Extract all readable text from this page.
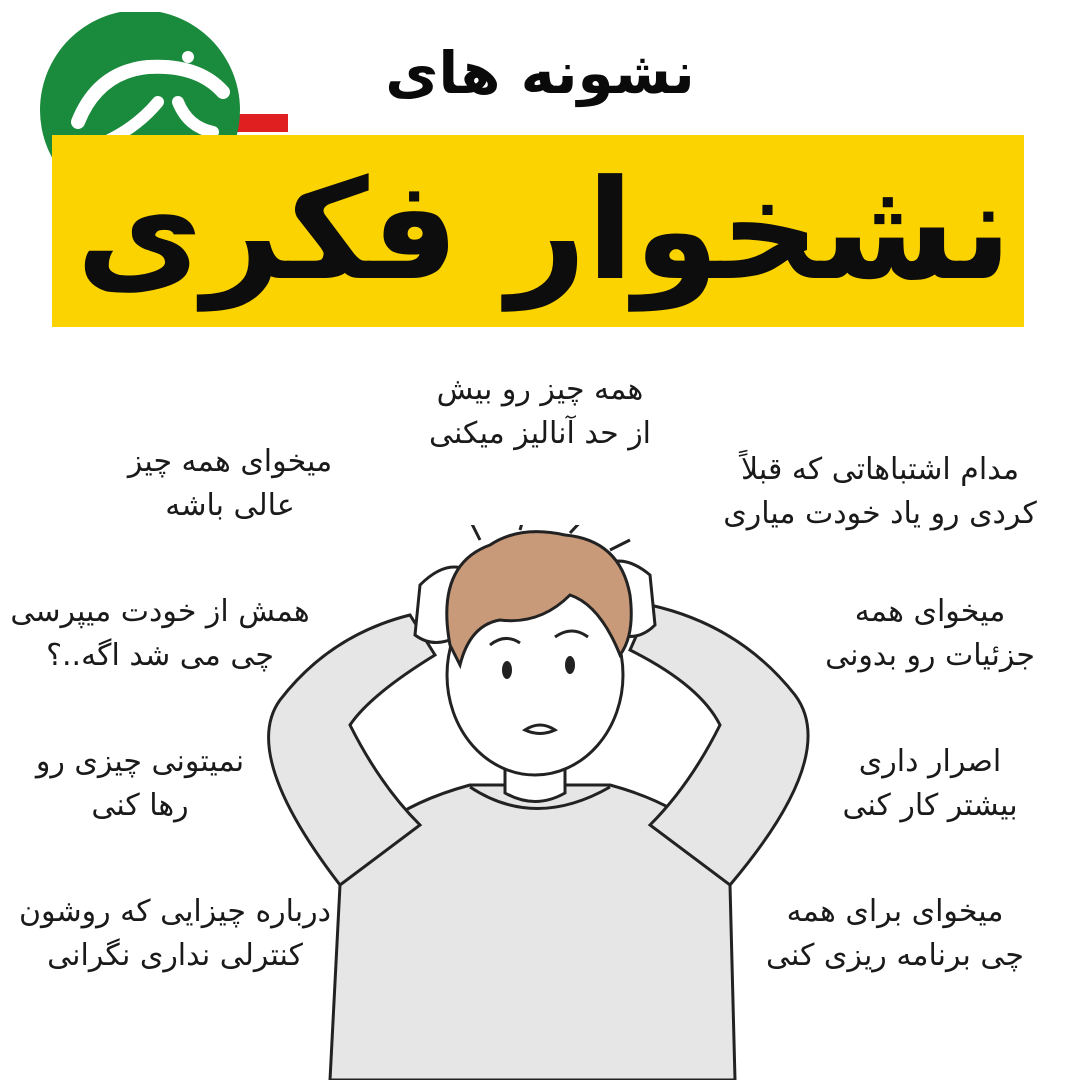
نشونه های
نشخوار فکری
همه چیز رو بیش
از حد آنالیز میکنی
میخوای همه چیز
عالی باشه
همش از خودت میپرسی
چی می شد اگه..؟
نمیتونی چیزی رو
رها کنی
درباره چیزایی که روشون
کنترلی نداری نگرانی
مدام اشتباهاتی که قبلاً
کردی رو یاد خودت میاری
میخوای همه
جزئیات رو بدونی
اصرار داری
بیشتر کار کنی
میخوای برای همه
چی برنامه ریزی کنی
